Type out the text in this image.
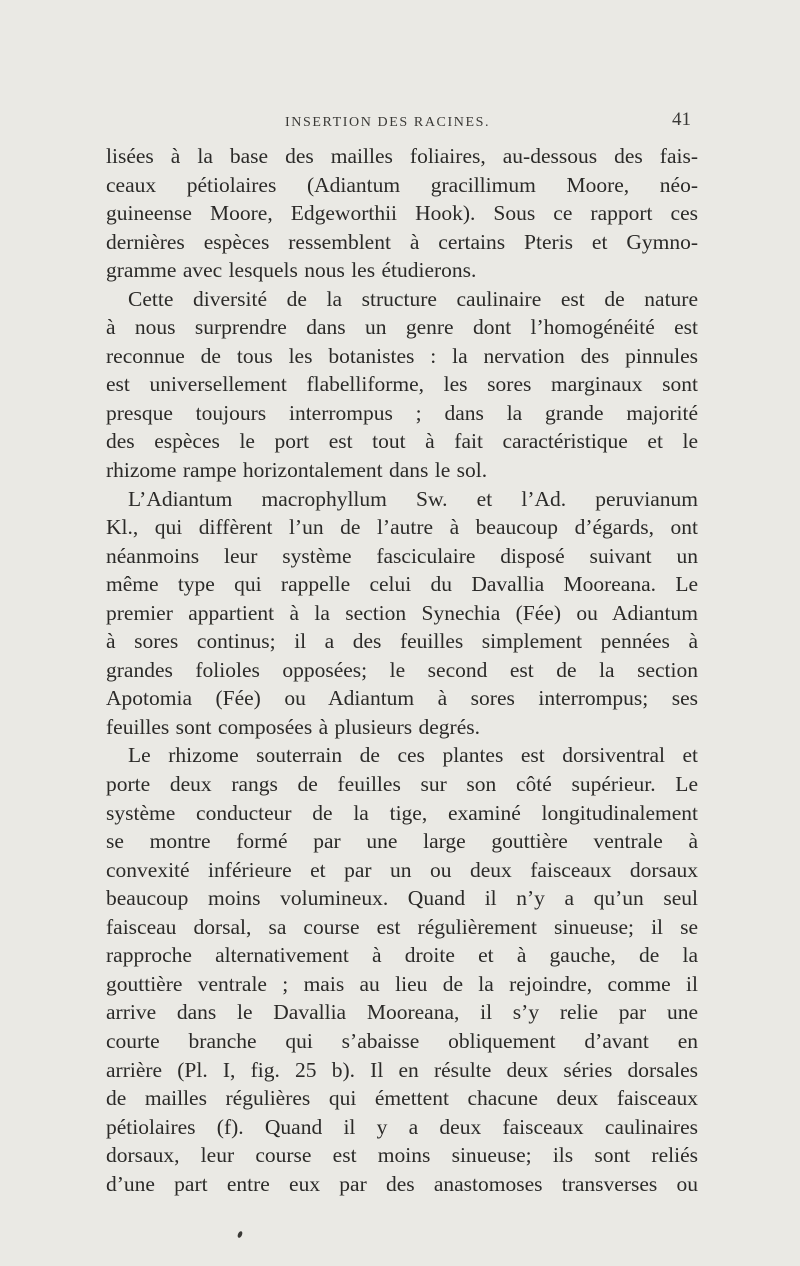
INSERTION DES RACINES.	41
lisées à la base des mailles foliaires, au-dessous des fais-
ceaux pétiolaires (Adiantum gracillimum Moore, néo-
guineense Moore, Edgeworthii Hook). Sous ce rapport ces
dernières espèces ressemblent à certains Pteris et Gymno-
gramme avec lesquels nous les étudierons.
Cette diversité de la structure caulinaire est de nature
à nous surprendre dans un genre dont l’homogénéité est
reconnue de tous les botanistes : la nervation des pinnules
est universellement flabelliforme, les sores marginaux sont
presque toujours interrompus ; dans la grande majorité
des espèces le port est tout à fait caractéristique et le
rhizome rampe horizontalement dans le sol.
L’Adiantum macrophyllum Sw. et l’Ad. peruvianum
Kl., qui diffèrent l’un de l’autre à beaucoup d’égards, ont
néanmoins leur système fasciculaire disposé suivant un
même type qui rappelle celui du Davallia Mooreana. Le
premier appartient à la section Synechia (Fée) ou Adiantum
à sores continus; il a des feuilles simplement pennées à
grandes folioles opposées; le second est de la section
Apotomia (Fée) ou Adiantum à sores interrompus; ses
feuilles sont composées à plusieurs degrés.
Le rhizome souterrain de ces plantes est dorsiventral et
porte deux rangs de feuilles sur son côté supérieur. Le
système conducteur de la tige, examiné longitudinalement
se montre formé par une large gouttière ventrale à
convexité inférieure et par un ou deux faisceaux dorsaux
beaucoup moins volumineux. Quand il n’y a qu’un seul
faisceau dorsal, sa course est régulièrement sinueuse; il se
rapproche alternativement à droite et à gauche, de la
gouttière ventrale ; mais au lieu de la rejoindre, comme il
arrive dans le Davallia Mooreana, il s’y relie par une
courte branche qui s’abaisse obliquement d’avant en
arrière (Pl. I, fig. 25 b). Il en résulte deux séries dorsales
de mailles régulières qui émettent chacune deux faisceaux
pétiolaires (f). Quand il y a deux faisceaux caulinaires
dorsaux, leur course est moins sinueuse; ils sont reliés
d’une part entre eux par des anastomoses transverses ou
